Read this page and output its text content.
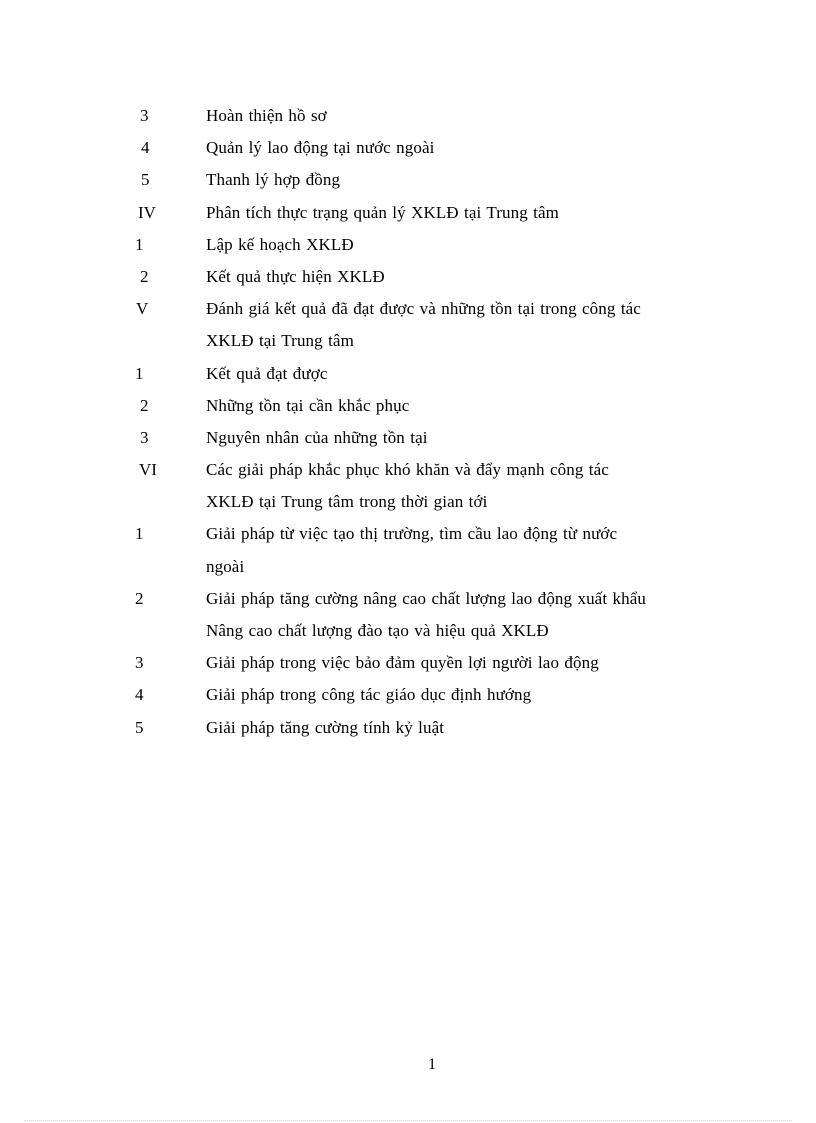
3	Hoàn thiện hồ sơ
4	Quản lý lao động tại nước ngoài
5	Thanh lý hợp đồng
IV	Phân tích thực trạng quản lý XKLĐ tại Trung tâm
1	Lập kế hoạch XKLĐ
2	Kết quả thực hiện XKLĐ
V	Đánh giá kết quả đã đạt được và những tồn tại trong công tác
XKLĐ tại Trung tâm
1	Kết quả đạt được
2	Những tồn tại cần khắc phục
3	Nguyên nhân của những tồn tại
VI	Các giải pháp khắc phục khó khăn và đẩy mạnh công tác
XKLĐ tại Trung tâm trong thời gian tới
1	Giải pháp từ việc tạo thị trường, tìm cầu lao động từ nước
ngoài
2	Giải pháp tăng cường nâng cao chất lượng lao động xuất khẩu
Nâng cao chất lượng đào tạo và hiệu quả XKLĐ
3	Giải pháp trong việc bảo đảm quyền lợi người lao động
4	Giải pháp trong công tác giáo dục định hướng
5	Giải pháp tăng cường tính kỷ luật
1
